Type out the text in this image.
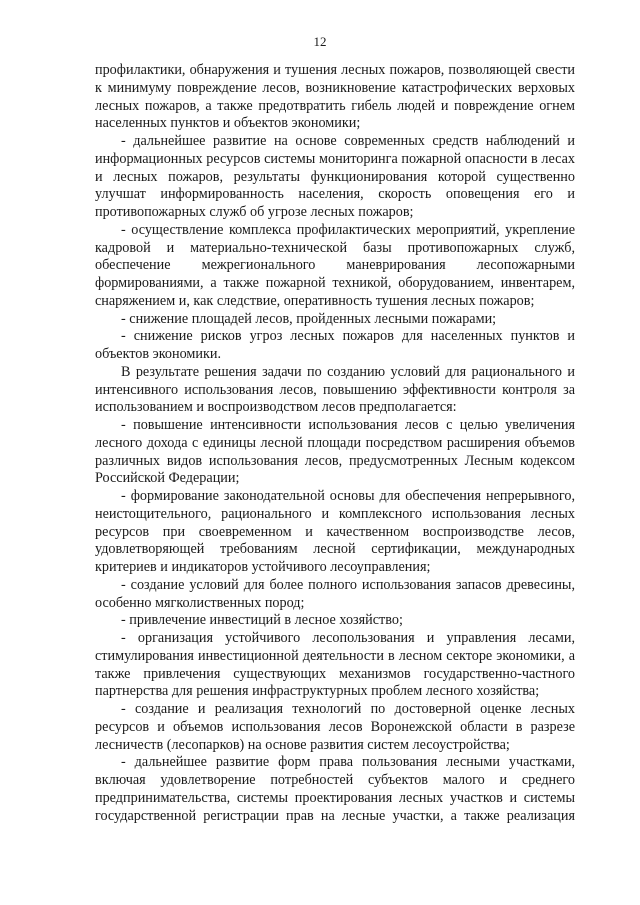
12

профилактики, обнаружения и тушения лесных пожаров, позволяющей свести к минимуму повреждение лесов, возникновение катастрофических верховых лесных пожаров, а также предотвратить гибель людей и повреждение огнем населенных пунктов и объектов экономики;

- дальнейшее развитие на основе современных средств наблюдений и информационных ресурсов системы мониторинга пожарной опасности в лесах и лесных пожаров, результаты функционирования которой существенно улучшат информированность населения, скорость оповещения его и противопожарных служб об угрозе лесных пожаров;

- осуществление комплекса профилактических мероприятий, укрепление кадровой и материально-технической базы противопожарных служб, обеспечение межрегионального маневрирования лесопожарными формированиями, а также пожарной техникой, оборудованием, инвентарем, снаряжением и, как следствие, оперативность тушения лесных пожаров;

- снижение площадей лесов, пройденных лесными пожарами;

- снижение рисков угроз лесных пожаров для населенных пунктов и объектов экономики.

В результате решения задачи по созданию условий для рационального и интенсивного использования лесов, повышению эффективности контроля за использованием и воспроизводством лесов предполагается:

- повышение интенсивности использования лесов с целью увеличения лесного дохода с единицы лесной площади посредством расширения объемов различных видов использования лесов, предусмотренных Лесным кодексом Российской Федерации;

- формирование законодательной основы для обеспечения непрерывного, неистощительного, рационального и комплексного использования лесных ресурсов при своевременном и качественном воспроизводстве лесов, удовлетворяющей требованиям лесной сертификации, международных критериев и индикаторов устойчивого лесоуправления;

- создание условий для более полного использования запасов древесины, особенно мягколиственных пород;

- привлечение инвестиций в лесное хозяйство;

- организация устойчивого лесопользования и управления лесами, стимулирования инвестиционной деятельности в лесном секторе экономики, а также привлечения существующих механизмов государственно-частного партнерства для решения инфраструктурных проблем лесного хозяйства;

- создание и реализация технологий по достоверной оценке лесных ресурсов и объемов использования лесов Воронежской области в разрезе лесничеств (лесопарков) на основе развития систем лесоустройства;

- дальнейшее развитие форм права пользования лесными участками, включая удовлетворение потребностей субъектов малого и среднего предпринимательства, системы проектирования лесных участков и системы государственной регистрации прав на лесные участки, а также реализация
